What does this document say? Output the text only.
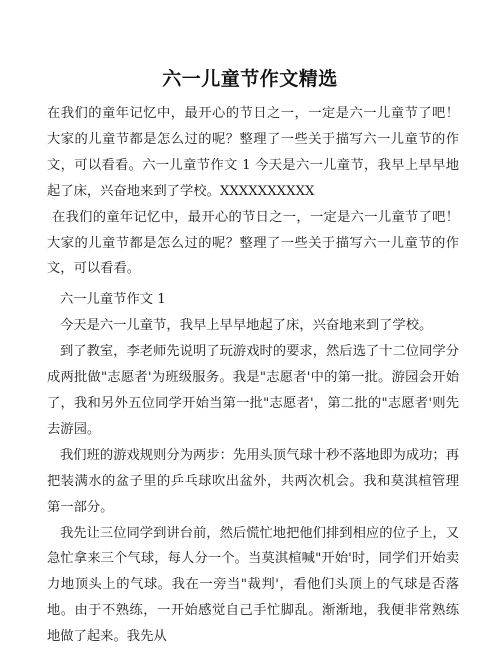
六一儿童节作文精选

在我们的童年记忆中，最开心的节日之一，一定是六一儿童节了吧！大家的儿童节都是怎么过的呢？整理了一些关于描写六一儿童节的作文，可以看看。六一儿童节作文 1 今天是六一儿童节，我早上早早地起了床，兴奋地来到了学校。XXXXXXXXXX

在我们的童年记忆中，最开心的节日之一，一定是六一儿童节了吧！大家的儿童节都是怎么过的呢？整理了一些关于描写六一儿童节的作文，可以看看。

六一儿童节作文 1

今天是六一儿童节，我早上早早地起了床，兴奋地来到了学校。

到了教室，李老师先说明了玩游戏时的要求，然后选了十二位同学分成两批做"志愿者'为班级服务。我是"志愿者'中的第一批。游园会开始了，我和另外五位同学开始当第一批"志愿者'，第二批的"志愿者'则先去游园。

我们班的游戏规则分为两步：先用头顶气球十秒不落地即为成功；再把装满水的盆子里的乒乓球吹出盆外，共两次机会。我和莫淇楦管理第一部分。

我先让三位同学到讲台前，然后慌忙地把他们排到相应的位子上，又急忙拿来三个气球，每人分一个。当莫淇楦喊"开始'时，同学们开始卖力地顶头上的气球。我在一旁当"裁判'，看他们头顶上的气球是否落地。由于不熟练，一开始感觉自己手忙脚乱。渐渐地，我便非常熟练地做了起来。我先从
